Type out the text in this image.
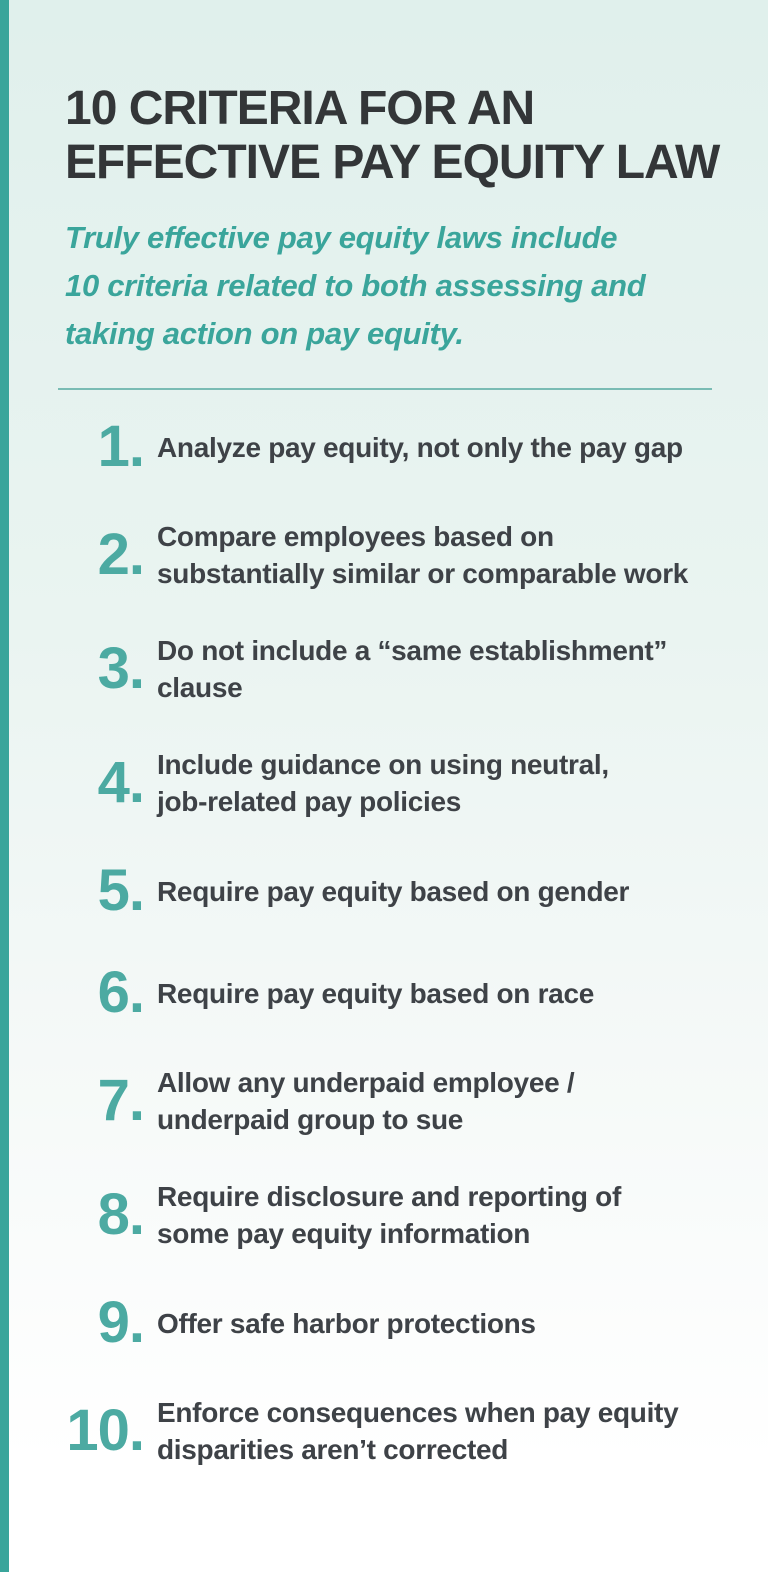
10 CRITERIA FOR AN
EFFECTIVE PAY EQUITY LAW
Truly effective pay equity laws include
10 criteria related to both assessing and
taking action on pay equity.
1. Analyze pay equity, not only the pay gap
2. Compare employees based on
substantially similar or comparable work
3. Do not include a “same establishment”
clause
4. Include guidance on using neutral,
job-related pay policies
5. Require pay equity based on gender
6. Require pay equity based on race
7. Allow any underpaid employee /
underpaid group to sue
8. Require disclosure and reporting of
some pay equity information
9. Offer safe harbor protections
10. Enforce consequences when pay equity
disparities aren’t corrected
